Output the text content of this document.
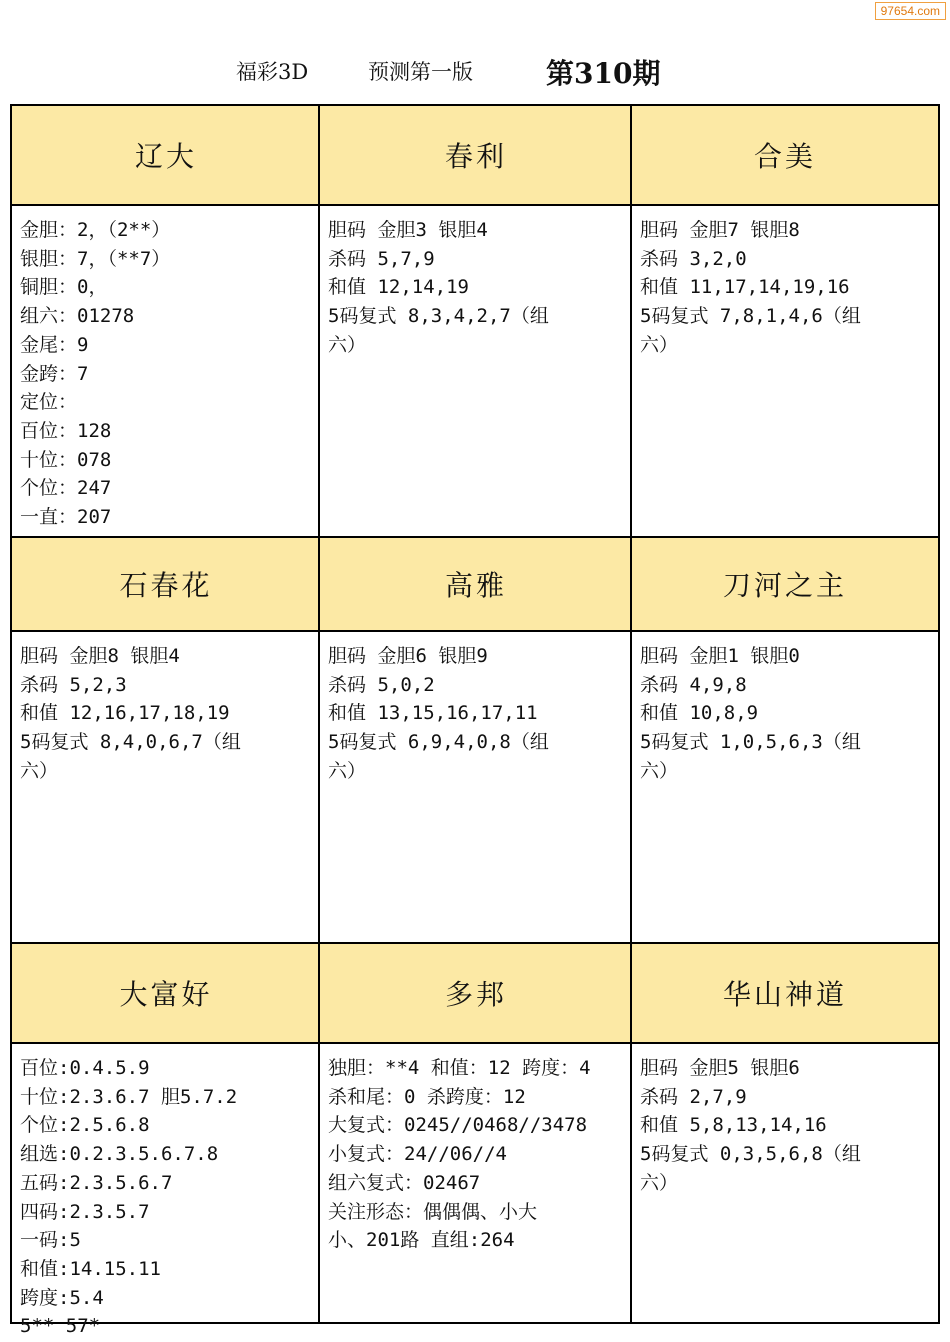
97654.com
福彩3D	预测第一版	第310期
辽大
金胆：2，（2**）
银胆：7，（**7）
铜胆：0，
组六：01278
金尾：9
金跨：7
定位：
百位：128
十位：078
个位：247
一直：207
春利
胆码 金胆3 银胆4
杀码 5,7,9
和值 12,14,19
5码复式 8,3,4,2,7（组
六）
合美
胆码 金胆7 银胆8
杀码 3,2,0
和值 11,17,14,19,16
5码复式 7,8,1,4,6（组
六）
石春花
胆码 金胆8 银胆4
杀码 5,2,3
和值 12,16,17,18,19
5码复式 8,4,0,6,7（组
六）
高雅
胆码 金胆6 银胆9
杀码 5,0,2
和值 13,15,16,17,11
5码复式 6,9,4,0,8（组
六）
刀河之主
胆码 金胆1 银胆0
杀码 4,9,8
和值 10,8,9
5码复式 1,0,5,6,3（组
六）
大富好
百位:0.4.5.9
十位:2.3.6.7 胆5.7.2
个位:2.5.6.8
组选:0.2.3.5.6.7.8
五码:2.3.5.6.7
四码:2.3.5.7
一码:5
和值:14.15.11
跨度:5.4
5** 57*
多邦
独胆：**4 和值：12 跨度：4
杀和尾：0 杀跨度：12
大复式：0245//0468//3478
小复式：24//06//4
组六复式：02467
关注形态：偶偶偶、小大
小、201路 直组:264
华山神道
胆码 金胆5 银胆6
杀码 2,7,9
和值 5,8,13,14,16
5码复式 0,3,5,6,8（组
六）
